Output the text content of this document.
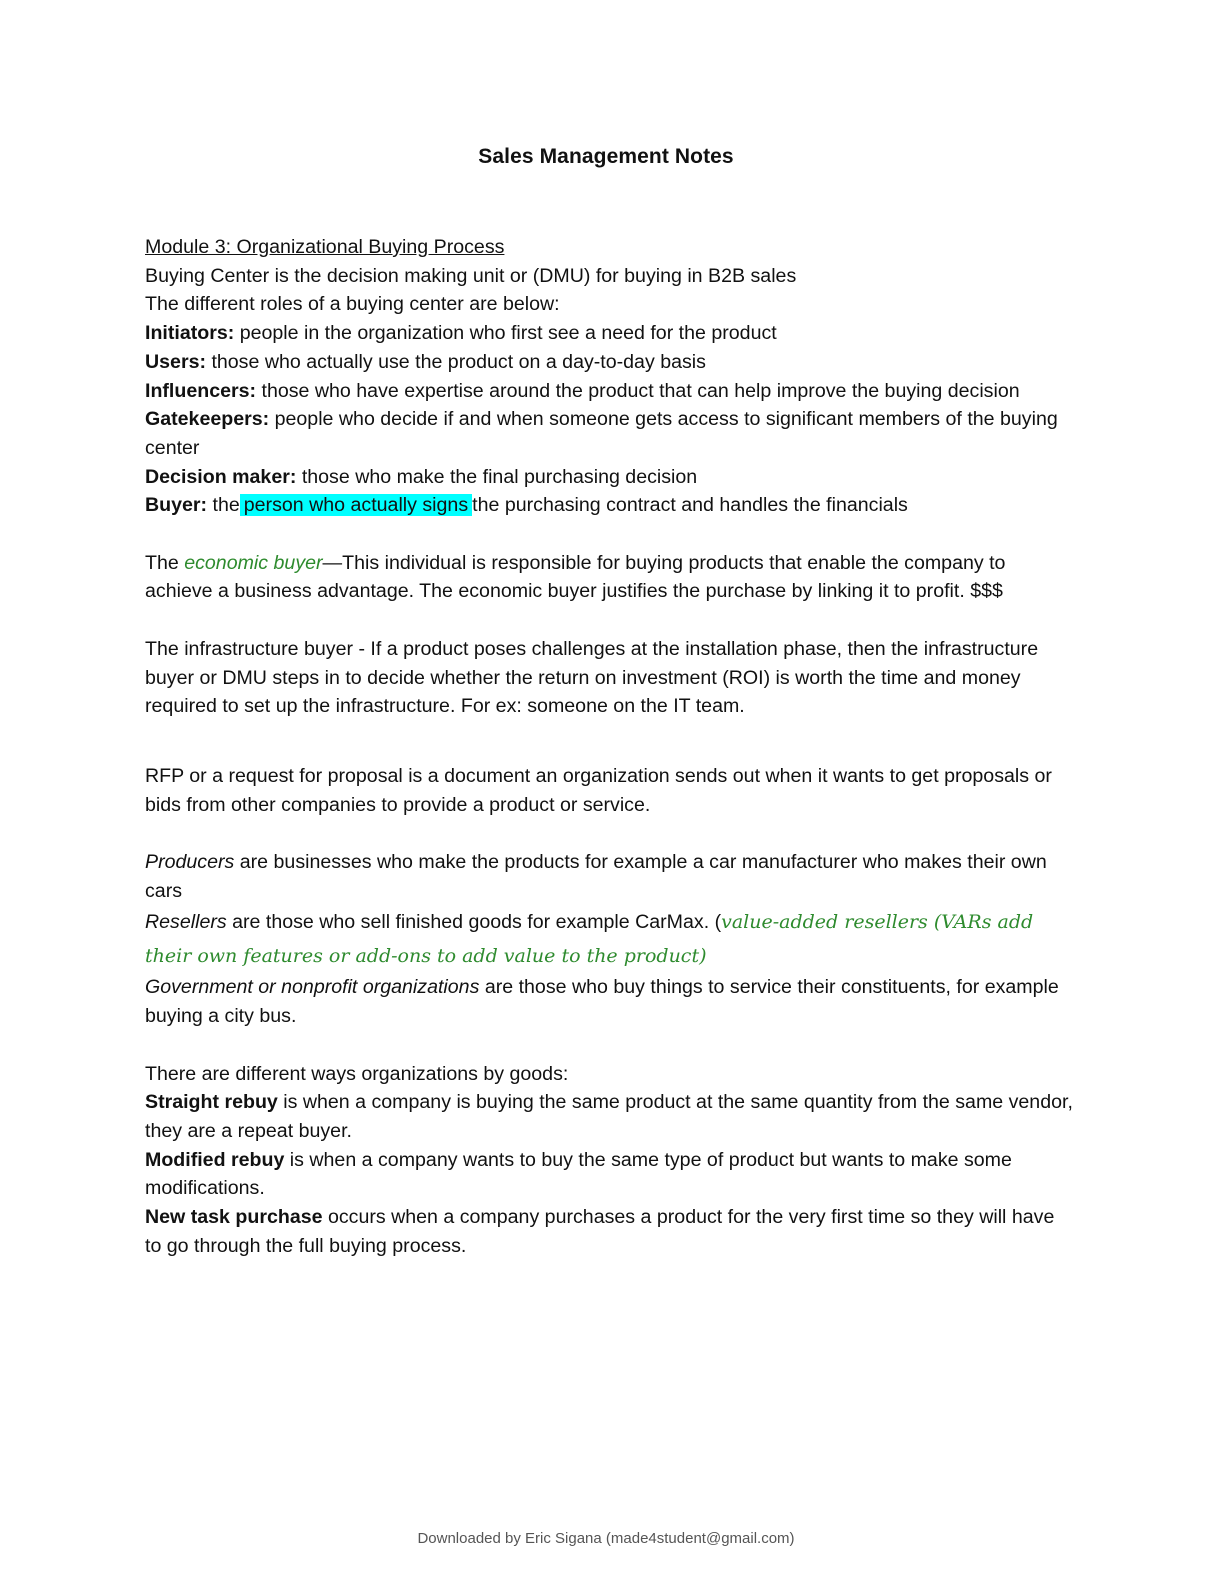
Sales Management Notes

Module 3: Organizational Buying Process

Buying Center is the decision making unit or (DMU) for buying in B2B sales

The different roles of a buying center are below:

Initiators: people in the organization who first see a need for the product

Users: those who actually use the product on a day-to-day basis

Influencers: those who have expertise around the product that can help improve the buying decision

Gatekeepers: people who decide if and when someone gets access to significant members of the buying center

Decision maker: those who make the final purchasing decision

Buyer: the person who actually signs the purchasing contract and handles the financials

The economic buyer—This individual is responsible for buying products that enable the company to achieve a business advantage. The economic buyer justifies the purchase by linking it to profit. $$$

The infrastructure buyer - If a product poses challenges at the installation phase, then the infrastructure buyer or DMU steps in to decide whether the return on investment (ROI) is worth the time and money required to set up the infrastructure. For ex: someone on the IT team.

RFP or a request for proposal is a document an organization sends out when it wants to get proposals or bids from other companies to provide a product or service.

Producers are businesses who make the products for example a car manufacturer who makes their own cars

Resellers are those who sell finished goods for example CarMax. (value-added resellers (VARs add their own features or add-ons to add value to the product)

Government or nonprofit organizations are those who buy things to service their constituents, for example buying a city bus.

There are different ways organizations by goods:

Straight rebuy is when a company is buying the same product at the same quantity from the same vendor, they are a repeat buyer.

Modified rebuy is when a company wants to buy the same type of product but wants to make some modifications.

New task purchase occurs when a company purchases a product for the very first time so they will have to go through the full buying process.

Downloaded by Eric Sigana (made4student@gmail.com)
